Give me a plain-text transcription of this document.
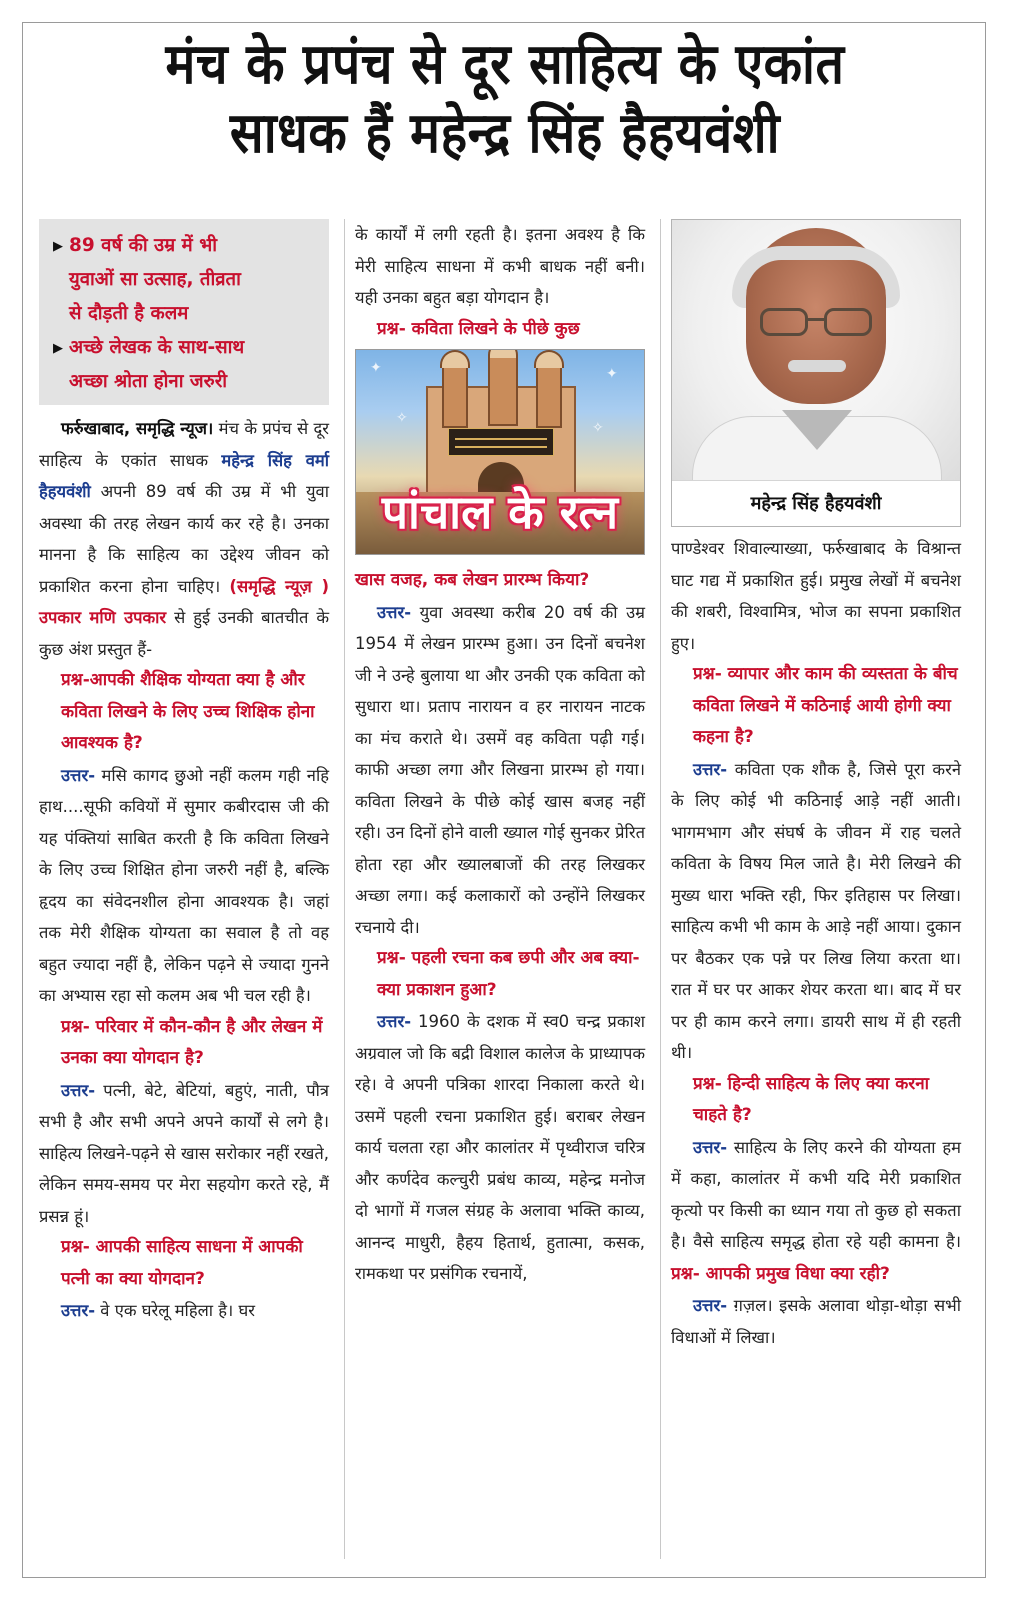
मंच के प्रपंच से दूर साहित्य के एकांत
साधक हैं महेन्द्र सिंह हैहयवंशी
▶ 89 वर्ष की उम्र में भी
युवाओं सा उत्साह, तीव्रता
से दौड़ती है कलम
▶ अच्छे लेखक के साथ-साथ
अच्छा श्रोता होना जरुरी

फर्रुखाबाद, समृद्धि न्यूज। मंच के प्रपंच से दूर साहित्य के एकांत साधक महेन्द्र सिंह वर्मा हैहयवंशी अपनी 89 वर्ष की उम्र में भी युवा अवस्था की तरह लेखन कार्य कर रहे है। उनका मानना है कि साहित्य का उद्देश्य जीवन को प्रकाशित करना होना चाहिए। (समृद्धि न्यूज़ ) उपकार मणि उपकार से हुई उनकी बातचीत के कुछ अंश प्रस्तुत हैं-

प्रश्न-आपकी शैक्षिक योग्यता क्या है और कविता लिखने के लिए उच्च शिक्षिक होना आवश्यक है?

उत्तर- मसि कागद छुओ नहीं कलम गही नहि हाथ....सूफी कवियों में सुमार कबीरदास जी की यह पंक्तियां साबित करती है कि कविता लिखने के लिए उच्च शिक्षित होना जरुरी नहीं है, बल्कि हृदय का संवेदनशील होना आवश्यक है। जहां तक मेरी शैक्षिक योग्यता का सवाल है तो वह बहुत ज्यादा नहीं है, लेकिन पढ़ने से ज्यादा गुनने का अभ्यास रहा सो कलम अब भी चल रही है।

प्रश्न- परिवार में कौन-कौन है और लेखन में उनका क्या योगदान है?

उत्तर- पत्नी, बेटे, बेटियां, बहुएं, नाती, पौत्र सभी है और सभी अपने अपने कार्यों से लगे है। साहित्य लिखने-पढ़ने से खास सरोकार नहीं रखते, लेकिन समय-समय पर मेरा सहयोग करते रहे, मैं प्रसन्न हूं।

प्रश्न- आपकी साहित्य साधना में आपकी पत्नी का क्या योगदान?

उत्तर- वे एक घरेलू महिला है। घर

के कार्यों में लगी रहती है। इतना अवश्य है कि मेरी साहित्य साधना में कभी बाधक नहीं बनी। यही उनका बहुत बड़ा योगदान है।

प्रश्न- कविता लिखने के पीछे कुछ
✦	✦
✧
✧
पांचाल के रत्न
खास वजह, कब लेखन प्रारम्भ किया?

उत्तर- युवा अवस्था करीब 20 वर्ष की उम्र 1954 में लेखन प्रारम्भ हुआ। उन दिनों बचनेश जी ने उन्हे बुलाया था और उनकी एक कविता को सुधारा था। प्रताप नारायन व हर नारायन नाटक का मंच कराते थे। उसमें वह कविता पढ़ी गई। काफी अच्छा लगा और लिखना प्रारम्भ हो गया। कविता लिखने के पीछे कोई खास बजह नहीं रही। उन दिनों होने वाली ख्याल गोई सुनकर प्रेरित होता रहा और ख्यालबाजों की तरह लिखकर अच्छा लगा। कई कलाकारों को उन्होंने लिखकर रचनाये दी।

प्रश्न- पहली रचना कब छपी और अब क्या-क्या प्रकाशन हुआ?

उत्तर- 1960 के दशक में स्व0 चन्द्र प्रकाश अग्रवाल जो कि बद्री विशाल कालेज के प्राध्यापक रहे। वे अपनी पत्रिका शारदा निकाला करते थे। उसमें पहली रचना प्रकाशित हुई। बराबर लेखन कार्य चलता रहा और कालांतर में पृथ्वीराज चरित्र और कर्णदेव कल्चुरी प्रबंध काव्य, महेन्द्र मनोज दो भागों में गजल संग्रह के अलावा भक्ति काव्य, आनन्द माधुरी, हैहय हितार्थ, हुतात्मा, कसक, रामकथा पर प्रसंगिक रचनायें,

महेन्द्र सिंह हैहयवंशी

पाण्डेश्वर शिवाल्याख्या, फर्रुखाबाद के विश्रान्त घाट गद्य में प्रकाशित हुई। प्रमुख लेखों में बचनेश की शबरी, विश्वामित्र, भोज का सपना प्रकाशित हुए।

प्रश्न- व्यापार और काम की व्यस्तता के बीच कविता लिखने में कठिनाई आयी होगी क्या कहना है?

उत्तर- कविता एक शौक है, जिसे पूरा करने के लिए कोई भी कठिनाई आड़े नहीं आती। भागमभाग और संघर्ष के जीवन में राह चलते कविता के विषय मिल जाते है। मेरी लिखने की मुख्य धारा भक्ति रही, फिर इतिहास पर लिखा। साहित्य कभी भी काम के आड़े नहीं आया। दुकान पर बैठकर एक पन्ने पर लिख लिया करता था। रात में घर पर आकर शेयर करता था। बाद में घर पर ही काम करने लगा। डायरी साथ में ही रहती थी।

प्रश्न- हिन्दी साहित्य के लिए क्या करना चाहते है?

उत्तर- साहित्य के लिए करने की योग्यता हम में कहा, कालांतर में कभी यदि मेरी प्रकाशित कृत्यो पर किसी का ध्यान गया तो कुछ हो सकता है। वैसे साहित्य समृद्ध होता रहे यही कामना है। प्रश्न- आपकी प्रमुख विधा क्या रही?

उत्तर- ग़ज़ल। इसके अलावा थोड़ा-थोड़ा सभी विधाओं में लिखा।
